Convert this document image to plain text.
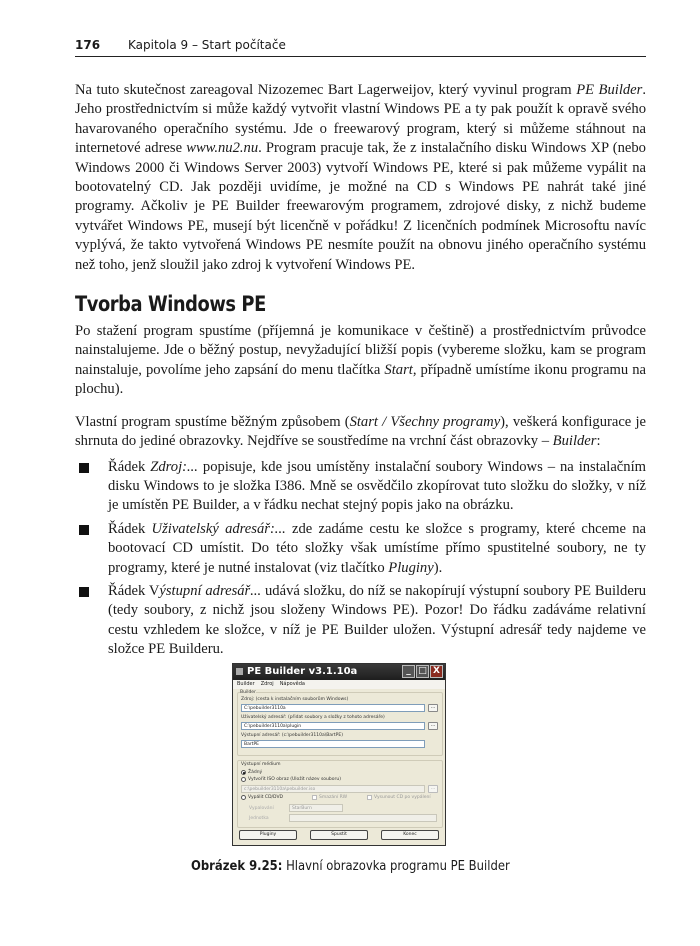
176 Kapitola 9 – Start počítače

Na tuto skutečnost zareagoval Nizozemec Bart Lagerweijov, který vyvinul program PE Builder. Jeho prostřednictvím si může každý vytvořit vlastní Windows PE a ty pak použít k opravě svého havarovaného operačního systému. Jde o freewarový program, který si můžeme stáhnout na internetové adrese www.nu2.nu. Program pracuje tak, že z instalačního disku Windows XP (nebo Windows 2000 či Windows Server 2003) vytvoří Windows PE, které si pak můžeme vypálit na bootovatelný CD. Jak později uvidíme, je možné na CD s Windows PE nahrát také jiné programy. Ačkoliv je PE Builder freewarovým programem, zdrojové disky, z nichž budeme vytvářet Windows PE, musejí být licenčně v pořádku! Z licenčních podmínek Microsoftu navíc vyplývá, že takto vytvořená Windows PE nesmíte použít na obnovu jiného operačního systému než toho, jenž sloužil jako zdroj k vytvoření Windows PE.

Tvorba Windows PE

Po stažení program spustíme (příjemná je komunikace v češtině) a prostřednictvím průvodce nainstalujeme. Jde o běžný postup, nevyžadující bližší popis (vybereme složku, kam se program nainstaluje, povolíme jeho zapsání do menu tlačítka Start, případně umístíme ikonu programu na plochu).

Vlastní program spustíme běžným způsobem (Start / Všechny programy), veškerá konfigurace je shrnuta do jediné obrazovky. Nejdříve se soustředíme na vrchní část obrazovky – Builder:

Řádek Zdroj:... popisuje, kde jsou umístěny instalační soubory Windows – na instalačním disku Windows to je složka I386. Mně se osvědčilo zkopírovat tuto složku do složky, v níž je umístěn PE Builder, a v řádku nechat stejný popis jako na obrázku.
Řádek Uživatelský adresář:... zde zadáme cestu ke složce s programy, které chceme na bootovací CD umístit. Do této složky však umístíme přímo spustitelné soubory, ne ty programy, které je nutné instalovat (viz tlačítko Pluginy).
Řádek Výstupní adresář... udává složku, do níž se nakopírují výstupní soubory PE Builderu (tedy soubory, z nichž jsou složeny Windows PE). Pozor! Do řádku zadáváme relativní cestu vzhledem ke složce, v níž je PE Builder uložen. Výstupní adresář tedy najdeme ve složce PE Builderu.
PE Builder v3.1.10a	_ □ X
Builder Zdroj Nápověda
Builder
Zdroj: (cesta k instalačním souborům Windows)
C:\pebuilder3110a	...
Uživatelský adresář: (přidat soubory a složky z tohoto adresáře)
C:\pebuilder3110a\plugin	...
Výstupní adresář: (c:\pebuilder3110a\BartPE)
BartPE
Výstupní médium
Žádný
Vytvořit ISO obraz (Uložit název souboru)
c:\pebuilder3110a\pebuilder.iso	...
Vypálit CD/DVD	Smazání RW	Vysunout CD po vypálení
Vypalování	StarBurn
Jednotka
Pluginy	Spustit	Konec
Obrázek 9.25: Hlavní obrazovka programu PE Builder
